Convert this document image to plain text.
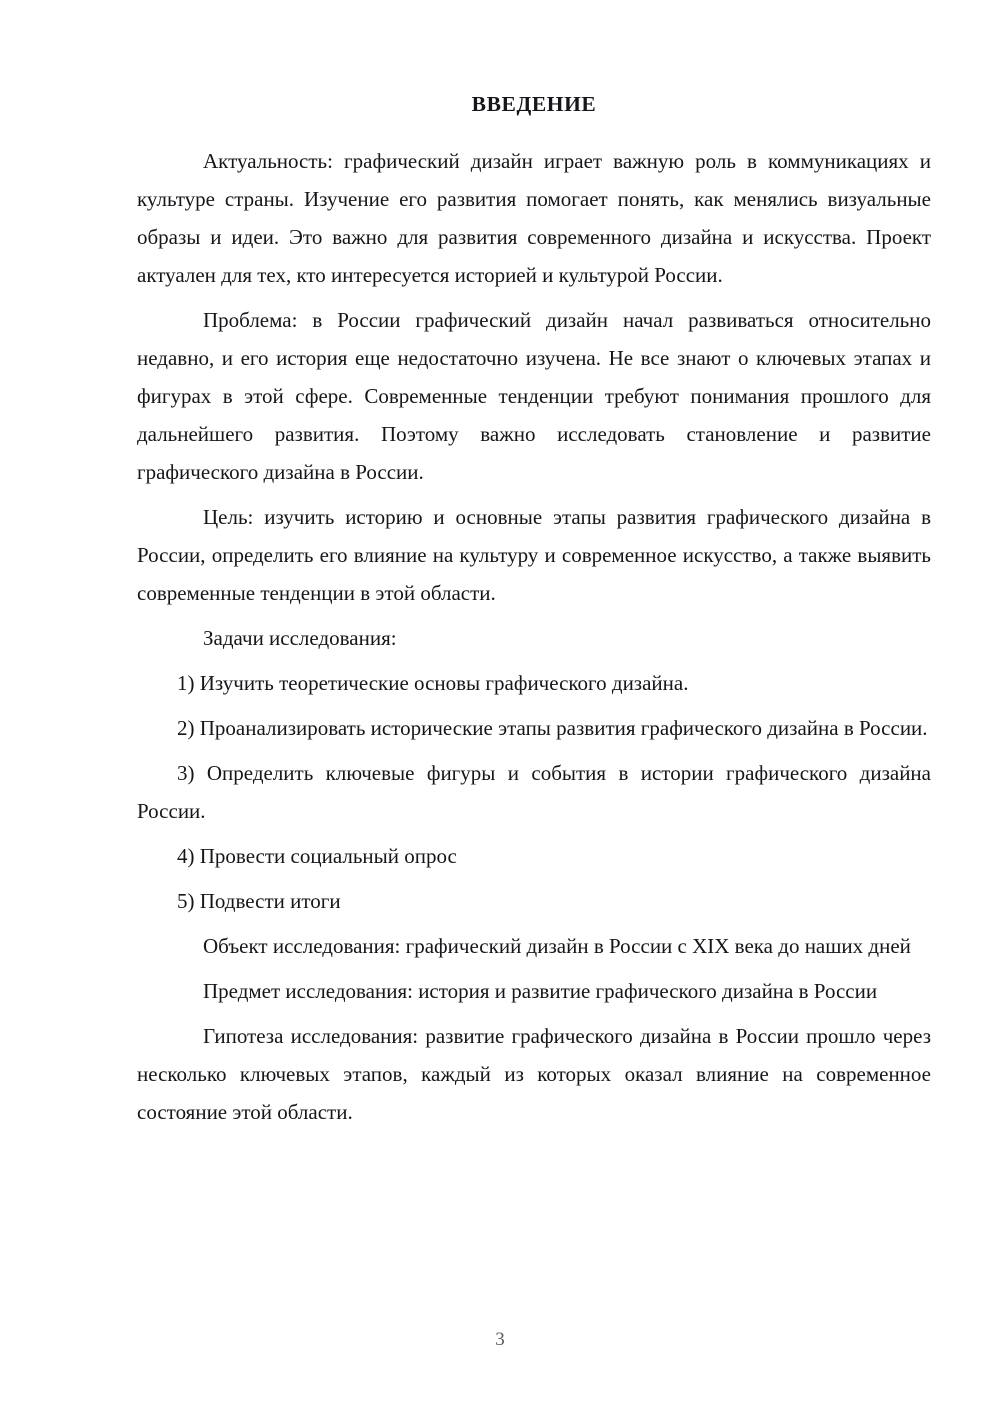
ВВЕДЕНИЕ

Актуальность: графический дизайн играет важную роль в коммуникациях и культуре страны. Изучение его развития помогает понять, как менялись визуальные образы и идеи. Это важно для развития современного дизайна и искусства. Проект актуален для тех, кто интересуется историей и культурой России.

Проблема: в России графический дизайн начал развиваться относительно недавно, и его история еще недостаточно изучена. Не все знают о ключевых этапах и фигурах в этой сфере. Современные тенденции требуют понимания прошлого для дальнейшего развития. Поэтому важно исследовать становление и развитие графического дизайна в России.

Цель: изучить историю и основные этапы развития графического дизайна в России, определить его влияние на культуру и современное искусство, а также выявить современные тенденции в этой области.

Задачи исследования:

1) Изучить теоретические основы графического дизайна.

2) Проанализировать исторические этапы развития графического дизайна в России.

3) Определить ключевые фигуры и события в истории графического дизайна России.

4) Провести социальный опрос

5) Подвести итоги

Объект исследования: графический дизайн в России с XIX века до наших дней

Предмет исследования: история и развитие графического дизайна в России

Гипотеза исследования: развитие графического дизайна в России прошло через несколько ключевых этапов, каждый из которых оказал влияние на современное состояние этой области.

3
